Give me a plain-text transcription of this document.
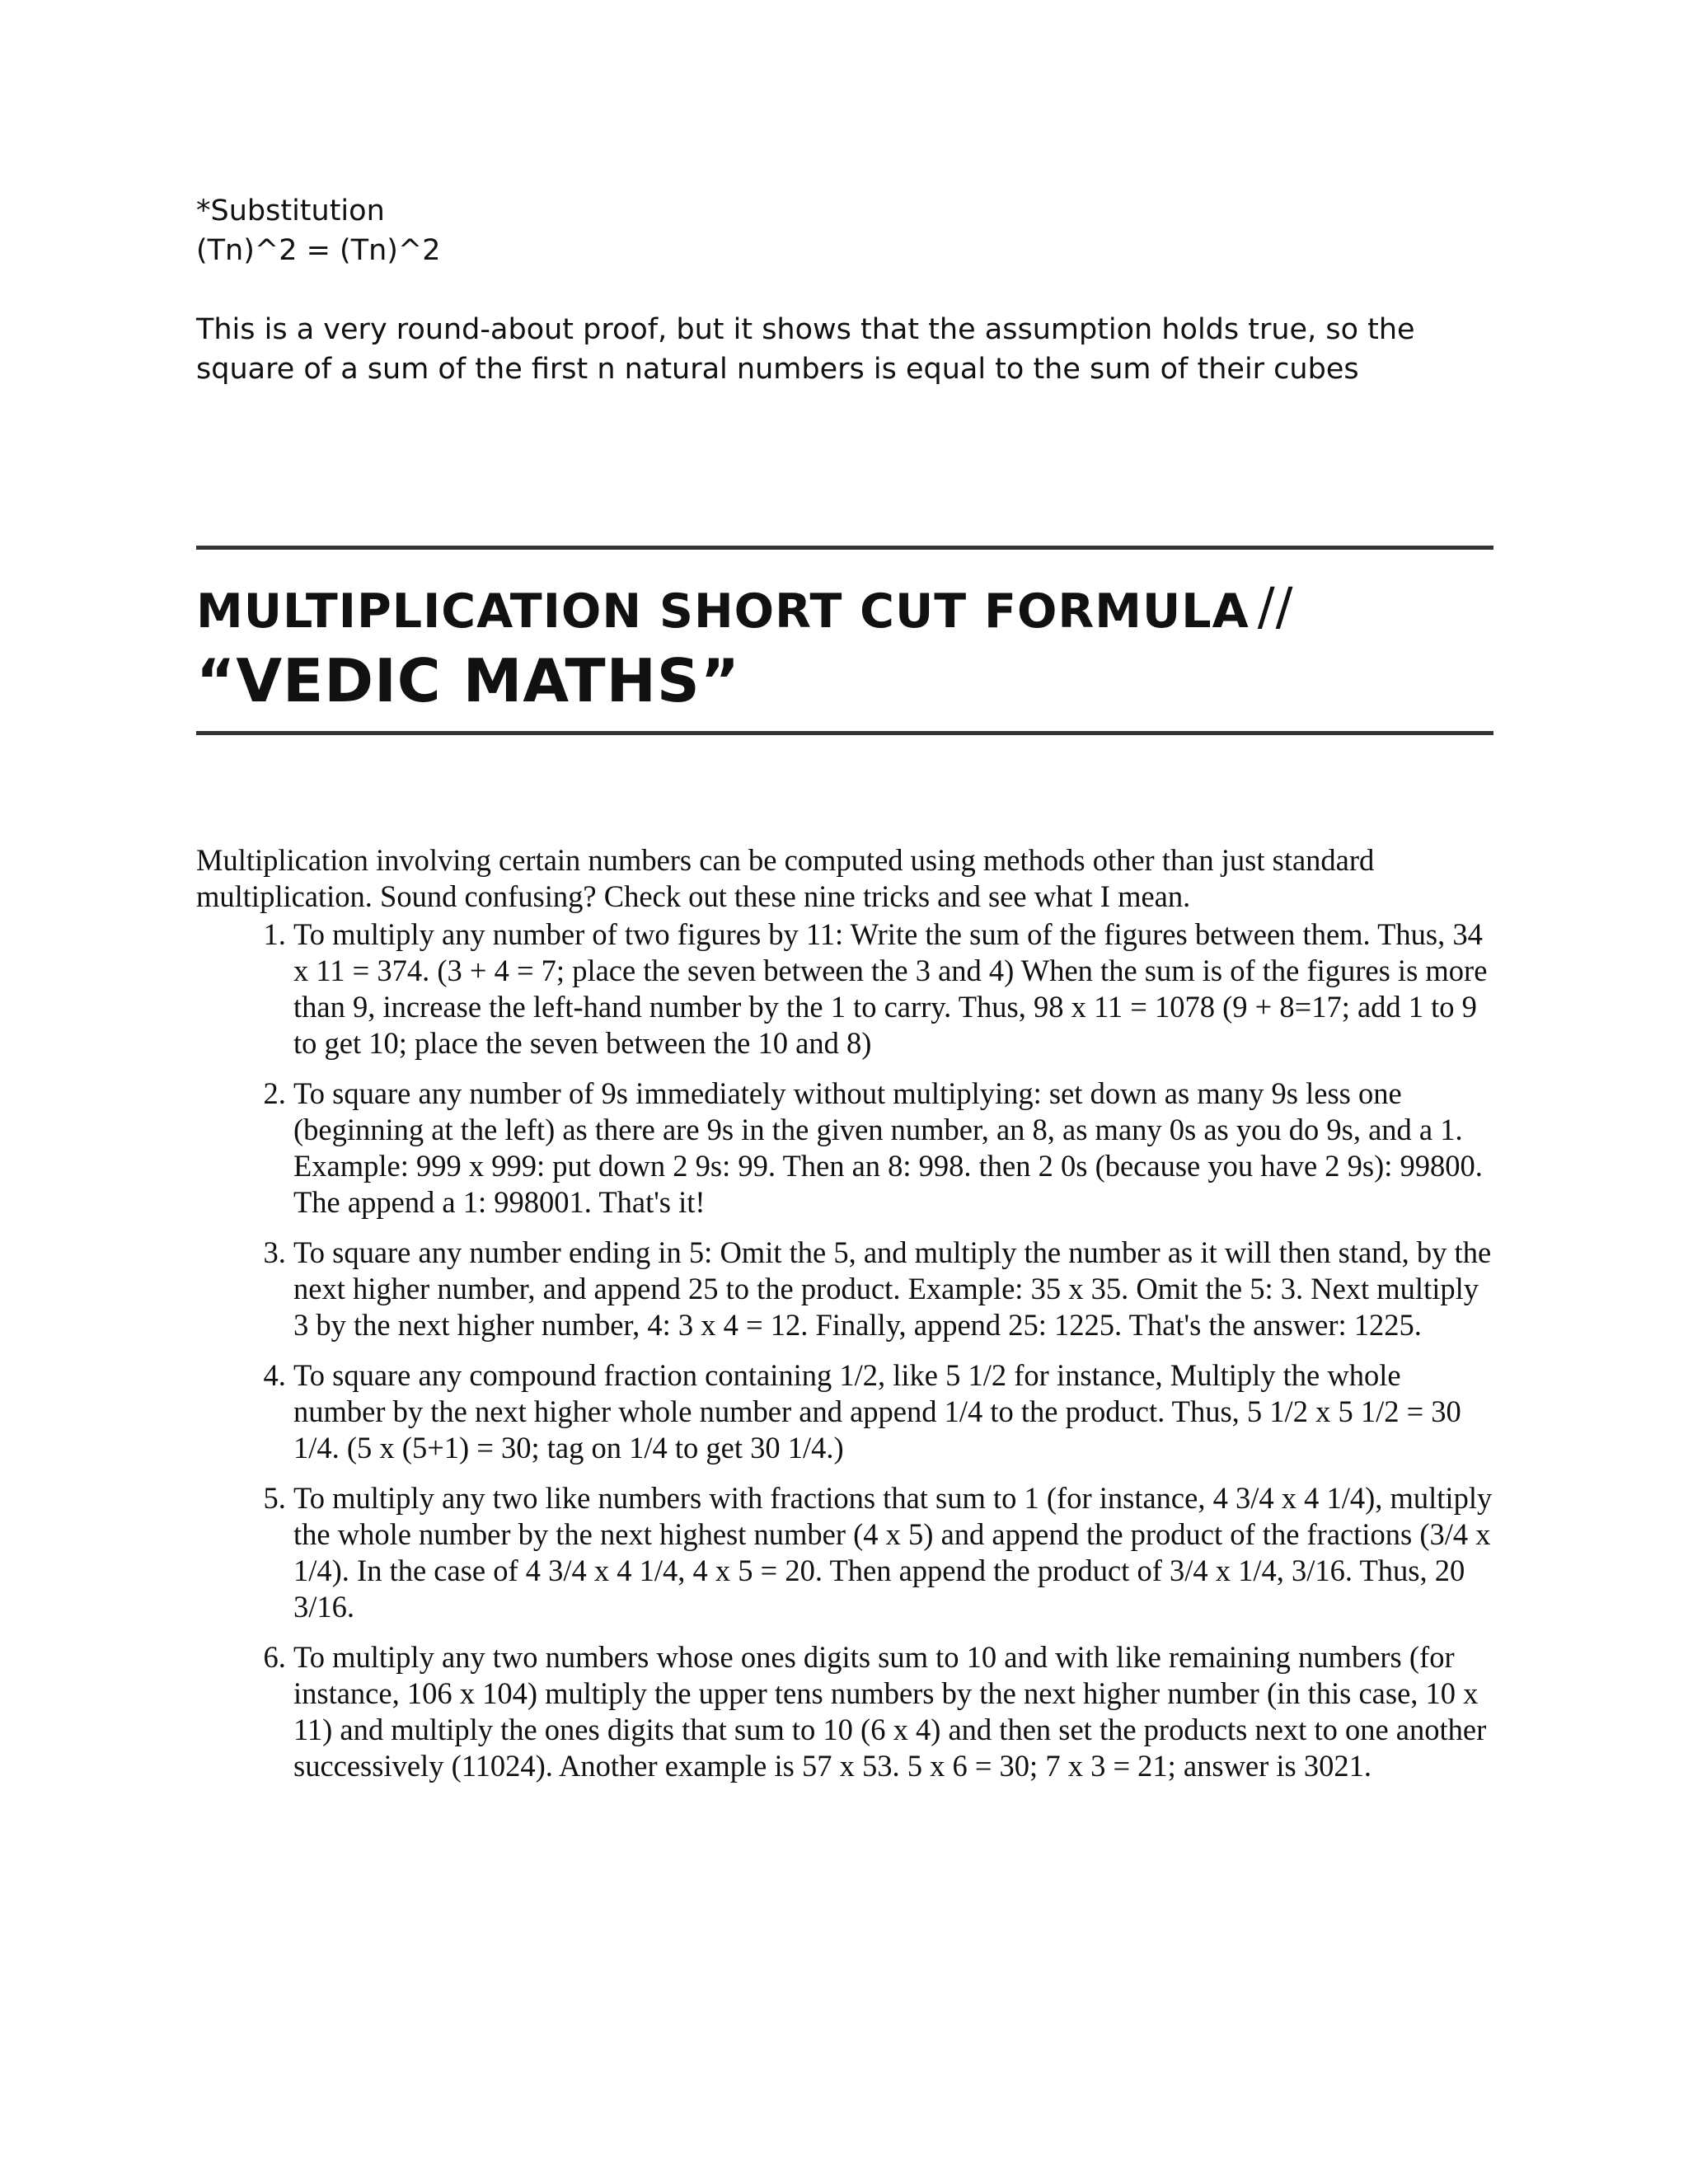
*Substitution

(Tn)^2 = (Tn)^2

This is a very round-about proof, but it shows that the assumption holds true, so the square of a sum of the first n natural numbers is equal to the sum of their cubes

MULTIPLICATION SHORT CUT FORMULA //
“VEDIC MATHS”

Multiplication involving certain numbers can be computed using methods other than just standard multiplication. Sound confusing? Check out these nine tricks and see what I mean.

1. To multiply any number of two figures by 11: Write the sum of the figures between them. Thus, 34 x 11 = 374. (3 + 4 = 7; place the seven between the 3 and 4) When the sum is of the figures is more than 9, increase the left-hand number by the 1 to carry. Thus, 98 x 11 = 1078 (9 + 8=17; add 1 to 9 to get 10; place the seven between the 10 and 8)
2. To square any number of 9s immediately without multiplying: set down as many 9s less one (beginning at the left) as there are 9s in the given number, an 8, as many 0s as you do 9s, and a 1. Example: 999 x 999: put down 2 9s: 99. Then an 8: 998. then 2 0s (because you have 2 9s): 99800. The append a 1: 998001. That's it!
3. To square any number ending in 5: Omit the 5, and multiply the number as it will then stand, by the next higher number, and append 25 to the product. Example: 35 x 35. Omit the 5: 3. Next multiply 3 by the next higher number, 4: 3 x 4 = 12. Finally, append 25: 1225. That's the answer: 1225.
4. To square any compound fraction containing 1/2, like 5 1/2 for instance, Multiply the whole number by the next higher whole number and append 1/4 to the product. Thus, 5 1/2 x 5 1/2 = 30 1/4. (5 x (5+1) = 30; tag on 1/4 to get 30 1/4.)
5. To multiply any two like numbers with fractions that sum to 1 (for instance, 4 3/4 x 4 1/4), multiply the whole number by the next highest number (4 x 5) and append the product of the fractions (3/4 x 1/4). In the case of 4 3/4 x 4 1/4, 4 x 5 = 20. Then append the product of 3/4 x 1/4, 3/16. Thus, 20 3/16.
6. To multiply any two numbers whose ones digits sum to 10 and with like remaining numbers (for instance, 106 x 104) multiply the upper tens numbers by the next higher number (in this case, 10 x 11) and multiply the ones digits that sum to 10 (6 x 4) and then set the products next to one another successively (11024). Another example is 57 x 53. 5 x 6 = 30; 7 x 3 = 21; answer is 3021.
